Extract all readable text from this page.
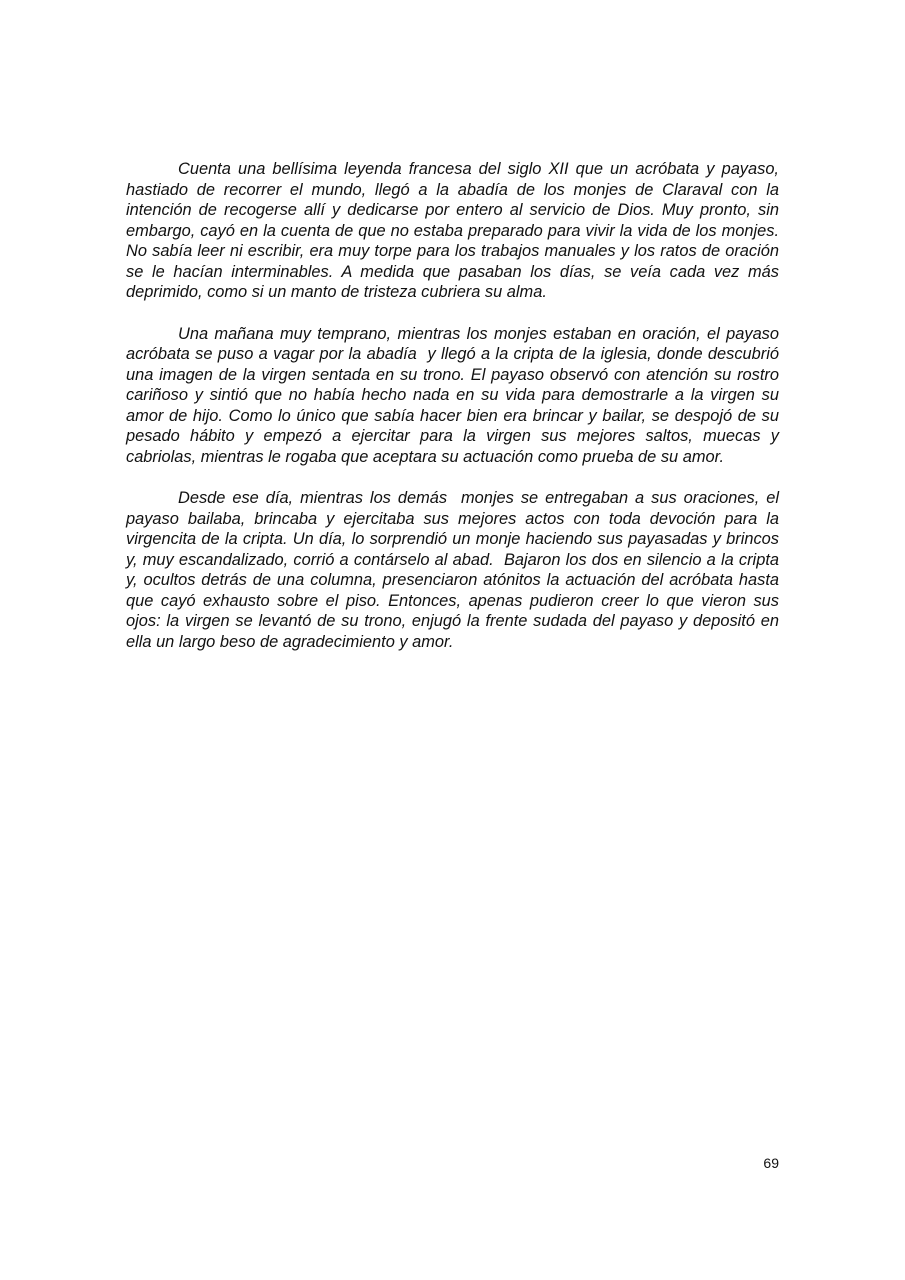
Cuenta una bellísima leyenda francesa del siglo XII que un acróbata y payaso, hastiado de recorrer el mundo, llegó a la abadía de los monjes de Claraval con la intención de recogerse allí y dedicarse por entero al servicio de Dios. Muy pronto, sin embargo, cayó en la cuenta de que no estaba preparado para vivir la vida de los monjes. No sabía leer ni escribir, era muy torpe para los trabajos manuales y los ratos de oración se le hacían interminables. A medida que pasaban los días, se veía cada vez más deprimido, como si un manto de tristeza cubriera su alma.

Una mañana muy temprano, mientras los monjes estaban en oración, el payaso acróbata se puso a vagar por la abadía  y llegó a la cripta de la iglesia, donde descubrió  una imagen de la virgen sentada en su trono. El payaso observó con atención su rostro cariñoso y sintió que no había hecho nada en su vida para demostrarle a la virgen su amor de hijo. Como lo único que sabía hacer bien era brincar y bailar, se despojó de su pesado hábito y empezó a ejercitar para la virgen sus mejores saltos, muecas y cabriolas, mientras le rogaba que aceptara su actuación como prueba de su amor.

Desde ese día, mientras los demás  monjes se entregaban a sus oraciones, el payaso bailaba, brincaba y ejercitaba sus mejores actos con toda devoción para la virgencita de la cripta. Un día, lo sorprendió un monje haciendo sus payasadas y brincos y, muy escandalizado, corrió a contárselo al abad.  Bajaron los dos en silencio a la cripta y, ocultos detrás de una columna, presenciaron atónitos la actuación del acróbata hasta que cayó exhausto sobre el piso. Entonces, apenas pudieron creer lo que vieron sus ojos: la virgen se levantó de su trono, enjugó la frente sudada del payaso y depositó en ella un largo beso de agradecimiento y amor.

69
